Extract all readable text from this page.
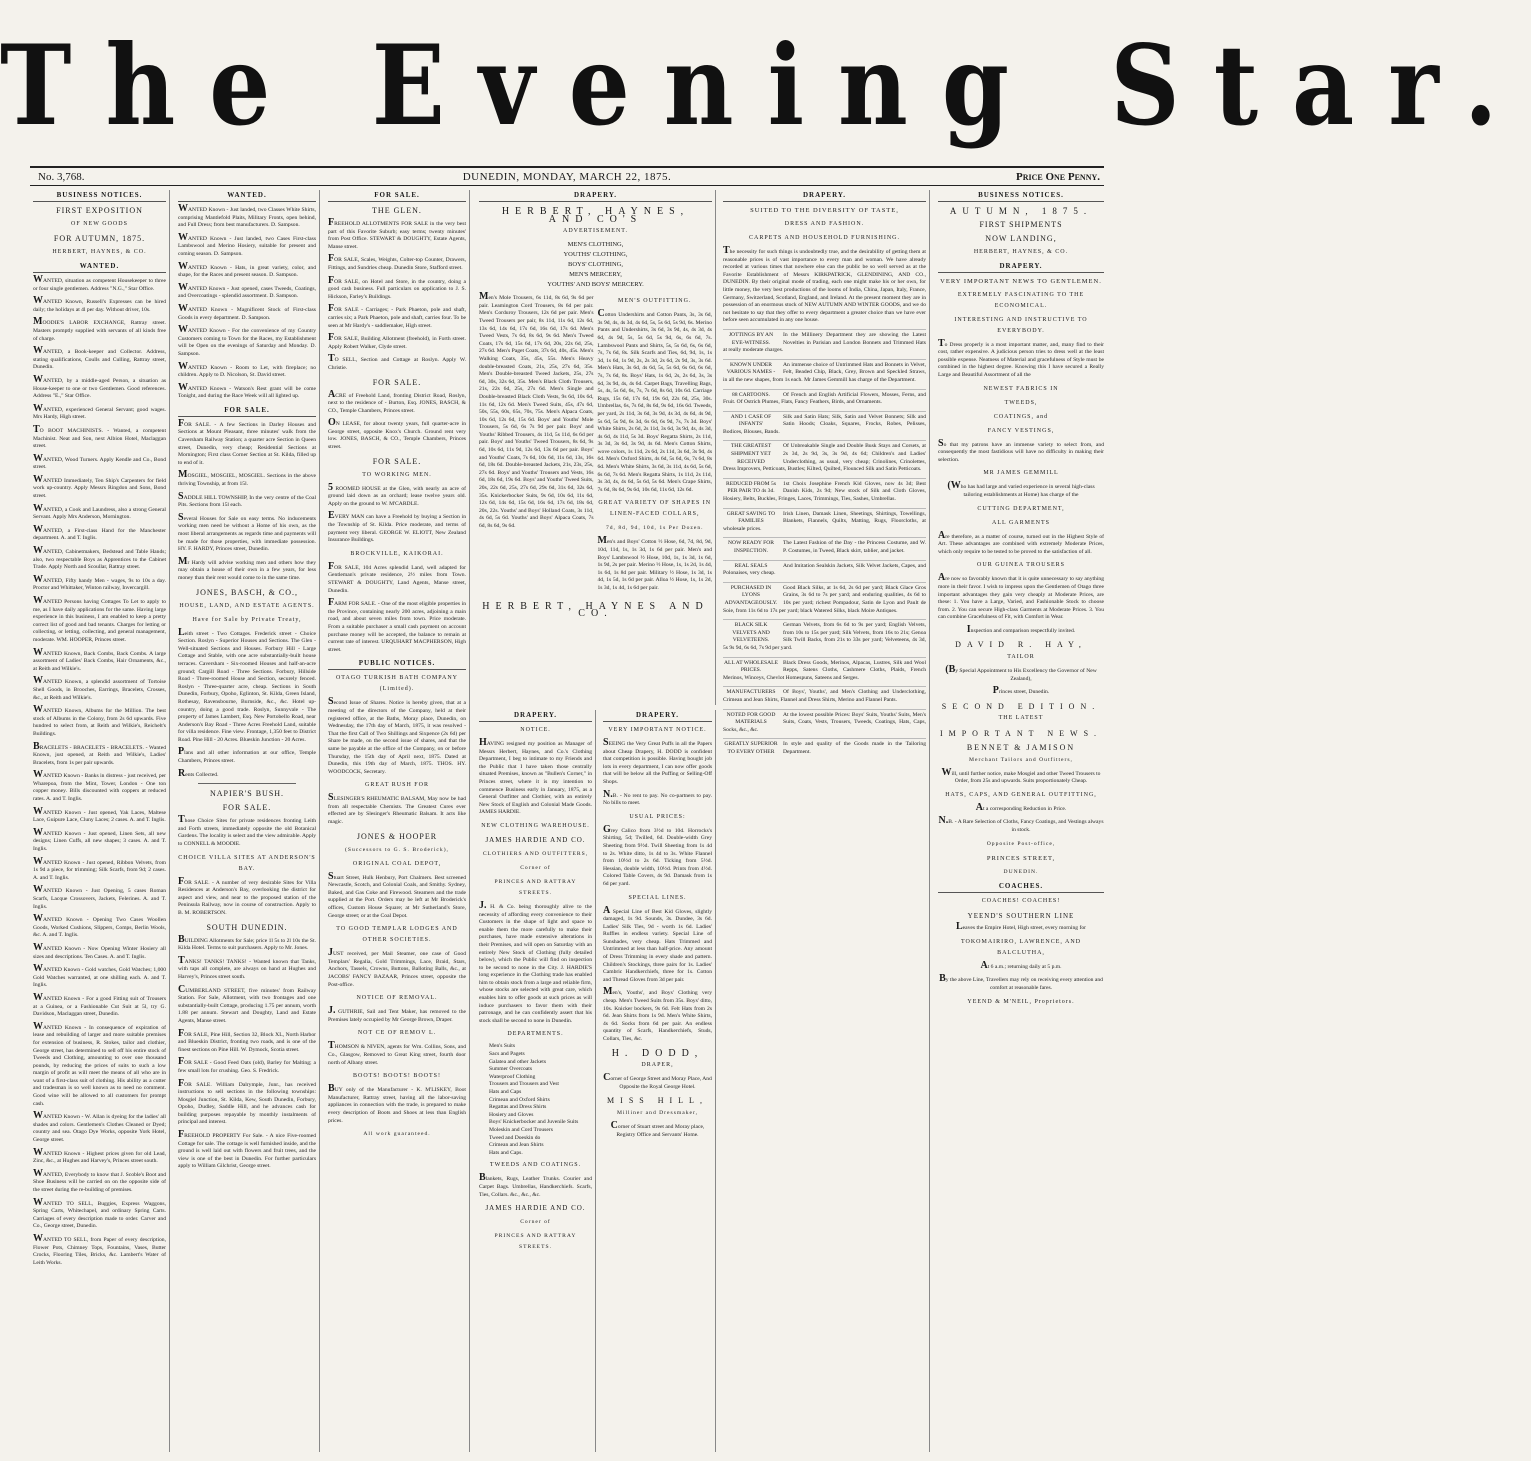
The Evening Star.
No. 3,768.	DUNEDIN, MONDAY, MARCH 22, 1875.	Price One Penny.
BUSINESS NOTICES.
FIRST EXPOSITION
OF NEW GOODS
FOR AUTUMN, 1875.
HERBERT, HAYNES, & CO.
WANTED.
WANTED, situation as competent Housekeeper to three or four single gentlemen. Address "N.G.," Star Office.
WANTED Known, Russell's Expresses can be hired daily; the holidays at 4l per day. Without driver, 10s.
MOODIE'S LABOR EXCHANGE, Rattray street. Masters promptly supplied with servants of all kinds free of charge.
WANTED, a Book-keeper and Collector. Address, stating qualifications, Coulls and Culling, Rattray street, Dunedin.
WANTED, by a middle-aged Person, a situation as House-keeper to one or two Gentlemen. Good references. Address "E.," Star Office.
WANTED, experienced General Servant; good wages. Mrs Hardy, High street.
TO BOOT MACHINISTS. - Wanted, a competent Machinist. Neat and Son, next Albion Hotel, Maclaggan street.
WANTED, Wood Turners. Apply Kendle and Co., Bond street.
WANTED Immediately, Ten Ship's Carpenters for field work up-country. Apply Messrs Ringdon and Sons, Bond street.
WANTED, a Cook and Laundress, also a strong General Servant. Apply Mrs Anderson, Mornington.
WANTED, a First-class Hand for the Manchester department. A. and T. Inglis.
WANTED, Cabinetmakers, Bedstead and Table Hands; also, two respectable Boys as Apprentices to the Cabinet Trade. Apply North and Scoullar, Rattray street.
WANTED, Fifty handy Men - wages, 9s to 10s a day. Proctor and Whittaker, Winton railway, Invercargill.
WANTED Persons having Cottages To Let to apply to me, as I have daily applications for the same. Having large experience in this business, I am enabled to keep a pretty correct list of good and bad tenants. Charges for letting or collecting, or letting, collecting, and general management, moderate. WM. HOOPER, Princes street.
WANTED Known, Back Combs, Back Combs. A large assortment of Ladies' Back Combs, Hair Ornaments, &c., at Reith and Wilkie's.
WANTED Known, a splendid assortment of Tortoise Shell Goods, in Brooches, Earrings, Bracelets, Crosses, &c., at Reith and Wilkie's.
WANTED Known, Albums for the Million. The best stock of Albums in the Colony, from 2s 6d upwards. Five hundred to select from, at Reith and Wilkie's, Reichelt's Buildings.
BRACELETS - BRACELETS - BRACELETS. - Wanted Known, just opened, at Reith and Wilkie's, Ladies' Bracelets, from 1s per pair upwards.
WANTED Known - Banks in distress - just received, per Wharepoa, from the Mint, Tower, London - One ton copper money. Bills discounted with coppers at reduced rates. A. and T. Inglis.
WANTED Known - Just opened, Yak Laces, Maltese Lace, Guipure Lace, Cluny Laces; 2 cases. A. and T. Inglis.
WANTED Known - Just opened, Linen Sets, all new designs; Linen Cuffs, all new shapes; 3 cases. A. and T. Inglis.
WANTED Known - Just opened, Ribbon Velvets, from 1s 9d a piece, for trimming; Silk Scarfs, from 9d; 2 cases. A. and T. Inglis.
WANTED Known - Just Opening, 5 cases Roman Scarfs, Lacque Crossovers, Jackets, Felerines. A. and T. Inglis.
WANTED Known - Opening Two Cases Woollen Goods, Worked Cushions, Slippers, Comps, Berlin Wools, &c. A. and T. Inglis.
WANTED Known - Now Opening Winter Hosiery all sizes and descriptions. Ten Cases. A. and T. Inglis.
WANTED Known - Gold watches, Gold Watches; 1,000 Gold Watches warranted, at one shilling each. A. and T. Inglis.
WANTED Known - For a good Fitting suit of Trousers at a Guinea, or a Fashionable Cut Suit at 5l, try G. Davidson, Maclaggan street, Dunedin.
WANTED Known - In consequence of expiration of lease and rebuilding of larger and more suitable premises for extension of business, R. Stokes, tailor and clothier, George street, has determined to sell off his entire stock of Tweeds and Clothing, amounting to over one thousand pounds, by reducing the prices of suits to such a low margin of profit as will meet the means of all who are in want of a first-class suit of clothing. His ability as a cutter and tradesman is so well known as to need no comment. Good wine will be allowed to all customers for prompt cash.
WANTED Known - W. Allan is dyeing for the ladies' all shades and colors. Gentlemen's Clothes Cleaned or Dyed; country and sea. Otago Dye Works, opposite York Hotel, George street.
WANTED Known - Highest prices given for old Lead, Zinc, &c., at Hughes and Harvey's, Princes street south.
WANTED, Everybody to know that J. Scoble's Boot and Shoe Business will be carried on on the opposite side of the street during the re-building of premises.
WANTED TO SELL, Buggies, Express Waggons, Spring Carts, Whitechapel, and ordinary Spring Carts. Carriages of every description made to order. Carver and Co., George street, Dunedin.
WANTED TO SELL, from Paper of every description, Flower Pots, Chimney Tops, Fountains, Vases, Butter Crocks, Flooring Tiles, Bricks, &c. Lambert's Water of Leith Works.
WANTED.
WANTED Known - Just landed, two Classes White Shirts, comprising Mantlefold Plaits, Military Fronts, open behind, and Full Dress; from best manufacturers. D. Sampson.
WANTED Known - Just landed, two Cases First-class Lambswool and Merino Hosiery, suitable for present and coming season. D. Sampson.
WANTED Known - Hats, in great variety, color, and shape, for the Races and present season. D. Sampson.
WANTED Known - Just opened, cases Tweeds, Coatings, and Overcoatings - splendid assortment. D. Sampson.
WANTED Known - Magnificent Stock of First-class Goods in every department. D. Sampson.
WANTED Known - For the convenience of my Country Customers coming to Town for the Races, my Establishment will be Open on the evenings of Saturday and Monday. D. Sampson.
WANTED Known - Room to Let, with fireplace; no children. Apply to D. Nicolson, St. David street.
WANTED Known - Watson's Rest grant will be come Tonight, and during the Race Week will all lighted up.
FOR SALE.
FOR SALE. - A few Sections in Darley Houses and Sections at Mount Pleasant, three minutes' walk from the Caversham Railway Station; a quarter acre Section in Queen street, Dunedin, very cheap; Residential Sections at Mornington; First class Corner Section at St. Kilda, filled up to end of it.
MOSGIEL, MOSGIEL, MOSGIEL. Sections in the above thriving Township, at from 15l.
SADDLE HILL TOWNSHIP, In the very centre of the Coal Pits. Sections from 15l each.
Several Houses for Sale on easy terms. No inducements working men need be without a Home of his own, as the most liberal arrangements as regards time and payments will be made for those properties, with immediate possession. HY. F. HARDY, Princes street, Dunedin.
Mr Hardy will advise working men and others how they may obtain a house of their own in a few years, for less money than their rent would come to in the same time.
JONES, BASCH, & CO.,
HOUSE, LAND, AND ESTATE AGENTS.
Have for Sale by Private Treaty,
Leith street - Two Cottages. Frederick street - Choice Section. Roslyn - Superior Houses and Sections. The Glen - Well-situated Sections and Houses. Forbury Hill - Large Cottage and Stable, with one acre substantially-built house terraces. Caversham - Six-roomed Houses and half-an-acre ground; Cargill Road - Three Sections. Forbury, Hillside Road - Three-roomed House and Section, securely fenced. Roslyn - Three-quarter acre, cheap. Sections in South Dunedin, Forbury, Opoho, Eglinton, St. Kilda, Green Island, Rothesay, Ravensbourne, Burnside, &c., &c. Hotel up-country, doing a good trade. Roslyn, Sunnyvale - The property of James Lambert, Esq. New Portobello Road, near Anderson's Bay Road - Three Acres Freehold Land, suitable for villa residence. Fine view. Frontage, 1,350 feet to District Road. Pine Hill - 20 Acres. Blueskin Junction - 20 Acres.
Plans and all other information at our office, Temple Chambers, Princes street.
Rents Collected.
NAPIER'S BUSH.
FOR SALE.
Those Choice Sites for private residences fronting Leith and Forth streets, immediately opposite the old Botanical Gardens. The locality is select and the view admirable. Apply to CONNELL & MOODIE.
CHOICE VILLA SITES AT ANDERSON'S BAY.
FOR SALE. - A number of very desirable Sites for Villa Residences at Anderson's Bay, overlooking the district for aspect and view, and near to the proposed station of the Peninsula Railway, now in course of construction. Apply to B. M. ROBERTSON.
SOUTH DUNEDIN.
BUILDING Allotments for Sale; price 1l 5s to 2l 10s the St. Kilda Hotel. Terms to suit purchasers. Apply to Mr. Jones.
TANKS! TANKS! TANKS! - Wanted known that Tanks, with taps all complete, are always on hand at Hughes and Harvey's, Princes street south.
CUMBERLAND STREET, five minutes' from Railway Station. For Sale, Allotment, with two frontages and one substantially-built Cottage, producing 1.75 per annum, worth 1.88 per annum. Stewart and Doughty, Land and Estate Agents, Manse street.
FOR SALE, Pine Hill, Section 32, Block XL, North Harbor and Blueskin District, fronting two roads, and is one of the finest sections on Pine Hill. W. Dymock, Scotia street.
FOR SALE - Good Feed Oats (old), Barley for Malting; a few small lots for crushing. Geo. S. Fredrick.
FOR SALE. William Dalrymple, Junr., has received instructions to sell sections in the following townships: Mosgiel Junction, St. Kilda, Kew, South Dunedin, Forbury, Opoho, Dudley, Saddle Hill, and he advances cash for building purposes repayable by monthly instalments of principal and interest.
FREEHOLD PROPERTY For Sale. - A nice Five-roomed Cottage for sale. The cottage is well furnished inside, and the ground is well laid out with flowers and fruit trees, and the view is one of the best in Dunedin. For further particulars apply to William Gilchrist, George street.
FOR SALE.
THE GLEN.
FREEHOLD ALLOTMENTS FOR SALE in the very best part of this Favorite Suburb; easy terms; twenty minutes' from Post Office. STEWART & DOUGHTY, Estate Agents, Manse street.
FOR SALE, Scales, Weights, Colter-top Counter, Drawers, Fittings, and Sundries cheap. Dunedin Store, Stafford street.
FOR SALE, on Hotel and Store, in the country, doing a good cash business. Full particulars on application to J. S. Hickson, Farley's Buildings.
FOR SALE - Carriages; - Park Phaeton, pole and shaft, carries six; a Park Phaeton, pole and shaft, carries four. To be seen at Mr Hardy's - saddlemaker, High street.
FOR SALE, Building Allotment (freehold), in Forth street. Apply Robert Walker, Clyde street.
TO SELL, Section and Cottage at Roslyn. Apply W. Christie.
FOR SALE.
ACRE of Freehold Land, fronting District Road, Roslyn, next to the residence of - Burton, Esq. JONES, BASCH, & CO., Temple Chambers, Princes street.
ON LEASE, for about twenty years, full quarter-acre in George street, opposite Knox's Church. Ground rent very low. JONES, BASCH, & CO., Temple Chambers, Princes street.
FOR SALE.
TO WORKING MEN.
5 ROOMED HOUSE at the Glen, with nearly an acre of ground laid down as an orchard; lease twelve years old. Apply on the ground to W. M'CARDLE.
EVERY MAN can have a Freehold by buying a Section in the Township of St. Kilda. Price moderate, and terms of payment very liberal. GEORGE W. ELIOTT, New Zealand Insurance Buildings.
BROCKVILLE, KAIKORAI.
FOR SALE, 104 Acres splendid Land, well adapted for Gentleman's private residence, 2½ miles from Town. STEWART & DOUGHTY, Land Agents, Manse street, Dunedin.
FARM FOR SALE. - One of the most eligible properties in the Province, containing nearly 200 acres, adjoining a main road, and about seven miles from town. Price moderate. From a suitable purchaser a small cash payment on account purchase money will be accepted, the balance to remain at current rate of interest. URQUHART MACPHERSON, High street.
PUBLIC NOTICES.
OTAGO TURKISH BATH COMPANY (Limited).
Second Issue of Shares. Notice is hereby given, that at a meeting of the directors of the Company, held at their registered office, at the Baths, Moray place, Dunedin, on Wednesday, the 17th day of March, 1875, it was resolved - That the first Call of Two Shillings and Sixpence (2s 6d) per Share be made, on the second issue of shares, and that the same be payable at the office of the Company, on or before Thursday, the 15th day of April next, 1875. Dated at Dunedin, this 19th day of March, 1875. THOS. HY. WOODCOCK, Secretary.
GREAT RUSH FOR
SLESINGER'S RHEUMATIC BALSAM, May now be had from all respectable Chemists. The Greatest Cures ever effected are by Slesinger's Rheumatic Balsam. It acts like magic.
JONES & HOOPER
(Successors to G. S. Broderick),
ORIGINAL COAL DEPOT,
Stuart Street, Hulk Henbury, Port Chalmers. Best screened Newcastle, Scotch, and Colonial Coals, and Smithy. Sydney, Baked, and Gas Coke and Firewood. Steamers and the trade supplied at the Port. Orders may be left at Mr Broderick's offices, Custom House Square; at Mr Sutherland's Store, George street; or at the Coal Depot.
TO GOOD TEMPLAR LODGES AND OTHER SOCIETIES.
JUST received, per Mail Steamer, one case of Good Templars' Regalia, Gold Trimmings, Lace, Braid, Stars, Anchors, Tassels, Crowns, Buttons, Balloting Balls, &c., at JACOBS' FANCY BAZAAR, Princes street, opposite the Post-office.
NOTICE OF REMOVAL.
J. GUTHRIE, Sail and Tent Maker, has removed to the Premises lately occupied by Mr George Brown, Draper.
NOT CE OF REMOV L.
THOMSON & NIVEN, agents for Wm. Collins, Sons, and Co., Glasgow, Removed to Great King street, fourth door north of Albany street.
BOOTS! BOOTS! BOOTS!
BUY only of the Manufacturer - K. M'LISKEY, Boot Manufacturer, Rattray street, having all the labor-saving appliances in connection with the trade, is prepared to make every description of Boots and Shoes at less than English prices.
All work guaranteed.
DRAPERY.
HERBERT, HAYNES, AND CO'S
ADVERTISEMENT.
MEN'S CLOTHING,
YOUTHS' CLOTHING,
BOYS' CLOTHING,
MEN'S MERCERY,
YOUTHS' AND BOYS' MERCERY.
Men's Mole Trousers, 6s 11d, 8s 6d, 9s 6d per pair. Leamington Cord Trousers, 8s 6d per pair. Men's Corduroy Trousers, 12s 6d per pair. Men's Tweed Trousers per pair, 8s 11d, 11s 6d, 12s 6d, 13s 6d, 14s 6d, 17s 6d, 16s 6d, 17s 6d. Men's Tweed Vests, 7s 6d, 8s 6d, 9s 6d. Men's Tweed Coats, 17s 6d, 15s 6d, 17s 6d, 20s, 22s 6d, 25s, 27s 6d. Men's Paget Coats, 37s 6d, 40s, 45s. Men's Walking Coats, 35s, 45s, 55s. Men's Heavy double-breasted Coats, 21s, 25s, 27s 6d, 35s. Men's Double-breasted Tweed Jackets, 25s, 27s 6d, 30s, 32s 6d, 35s. Men's Black Cloth Trousers, 21s, 22s 6d, 25s, 27s 6d. Men's Single and Double-breasted Black Cloth Vests, 9s 6d, 10s 6d, 11s 6d, 12s 6d. Men's Tweed Suits, 45s, 47s 6d, 50s, 55s, 60s, 65s, 70s, 75s. Men's Alpaca Coats, 10s 6d, 12s 6d, 15s 6d. Boys' and Youths' Mole Trousers, 5s 6d, 6s 7s 9d per pair. Boys' and Youths' Ribbed Trousers, 4s 11d, 5s 11d, 6s 6d per pair. Boys' and Youths' Tweed Trousers, 8s 6d, 9s 6d, 10s 6d, 11s 9d, 12s 6d, 13s 6d per pair. Boys' and Youths' Coats, 7s 6d, 10s 6d, 11s 6d, 13s, 16s 6d, 18s 6d. Double-breasted Jackets, 21s, 23s, 25s, 27s 6d. Boys' and Youths' Trousers and Vests, 16s 6d, 18s 6d, 19s 6d. Boys' and Youths' Tweed Suits, 20s, 22s 6d, 25s, 27s 6d, 29s 6d, 31s 6d, 32s 6d, 35s. Knickerbocker Suits, 9s 6d, 10s 6d, 11s 6d, 12s 6d, 14s 6d, 15s 6d, 16s 6d, 17s 6d, 18s 6d, 20s, 22s. Youths' and Boys' Holland Coats, 3s 11d, 4s 6d, 5s 6d. Youths' and Boys' Alpaca Coats, 7s 6d, 8s 6d, 9s 6d.
MEN'S OUTFITTING.
Cotton Undershirts and Cotton Pants, 3s, 3s 6d, 3s 9d, 4s, 4s 3d, 4s 6d, 5s, 5s 6d, 5s 9d, 6s. Merino Pants and Undershirts, 3s 6d, 3s 9d, 4s, 4s 3d, 4s 6d, 4s 9d, 5s, 5s 6d, 5s 9d, 6s, 6s 6d, 7s. Lambswool Pants and Shirts, 5s, 5s 6d, 6s, 6s 6d, 7s, 7s 6d, 8s. Silk Scarfs and Ties, 6d, 9d, 1s, 1s 3d, 1s 6d, 1s 9d, 2s, 2s 3d, 2s 6d, 2s 9d, 3s, 3s 6d. Men's Hats, 3s 6d, 4s 6d, 5s, 5s 6d, 6s 6d, 6s 6d, 7s, 7s 6d, 8s. Boys' Hats, 1s 6d, 2s, 2s 6d, 3s, 3s 6d, 3s 9d, 4s, 4s 6d. Carpet Bags, Travelling Bags, 5s, 4s, 5s 6d, 6s, 7s, 7s 6d, 8s 6d, 10s 6d. Carriage Rugs, 15s 6d, 17s 6d, 19s 6d, 22s 6d, 25s, 30s. Umbrellas, 6s, 7s 6d, 8s 6d, 9s 6d, 16s 6d. Tweeds, per yard, 2s 11d, 3s 6d, 3s 9d, 4s 3d, 4s 6d, 4s 9d, 5s 6d, 5s 9d, 6s 3d, 6s 6d, 6s 9d, 7s, 7s 3d. Boys' White Shirts, 2s 6d, 2s 11d, 3s 6d, 3s 9d, 4s, 4s 3d, 4s 6d, 4s 11d, 5s 3d. Boys' Regatta Shirts, 2s 11d, 3s 3d, 3s 6d, 3s 9d, 4s 6d. Men's Cotton Shirts, wove colors, 1s 11d, 2s 6d, 2s 11d, 3s 6d, 3s 9d, 4s 6d. Men's Oxford Shirts, 4s 6d, 5s 6d, 6s, 7s 6d, 8s 6d. Men's White Shirts, 3s 6d, 3s 11d, 4s 6d, 5s 6d, 6s 6d, 7s 6d. Men's Regatta Shirts, 1s 11d, 2s 11d, 3s 3d, 4s, 4s 6d, 5s 6d, 5s 6d. Men's Crape Shirts, 7s 6d, 8s 6d, 9s 6d, 10s 6d, 11s 6d, 12s 6d.
GREAT VARIETY OF SHAPES IN LINEN-FACED COLLARS,
7d, 8d, 9d, 10d, 1s Per Dozen.
Men's and Boys' Cotton ½ Hose, 6d, 7d, 8d, 9d, 10d, 11d, 1s, 1s 3d, 1s 6d per pair. Men's and Boys' Lambswool ½ Hose, 10d, 1s, 1s 3d, 1s 6d, 1s 9d, 2s per pair. Merino ½ Hose, 1s, 1s 2d, 1s 4d, 1s 6d, 1s 8d per pair. Military ½ Hose, 1s 3d, 1s 4d, 1s 5d, 1s 6d per pair. Alloa ½ Hose, 1s, 1s 2d, 1s 3d, 1s 4d, 1s 6d per pair.
HERBERT, HAYNES AND CO.
DRAPERY.
NOTICE.
HAVING resigned my position as Manager of Messrs Herbert, Haynes, and Co.'s Clothing Department, I beg to intimate to my Friends and the Public that I have taken those centrally situated Premises, known as "Bullen's Corner," in Princes street, where it is my intention to commence Business early in January, 1875, as a General Outfitter and Clothier, with an entirely New Stock of English and Colonial Made Goods. JAMES HARDIE.
NEW CLOTHING WAREHOUSE.
JAMES HARDIE AND CO.
CLOTHIERS AND OUTFITTERS,
Corner of
PRINCES AND RATTRAY STREETS.
J. H. & Co. being thoroughly alive to the necessity of affording every convenience to their Customers in the shape of light and space to enable them the more carefully to make their purchases, have made extensive alterations in their Premises, and will open on Saturday with an entirely New Stock of Clothing (fully detailed below), which the Public will find on inspection to be second to none in the City. J. HARDIE'S long experience in the Clothing trade has enabled him to obtain stock from a large and reliable firm, whose stocks are selected with great care, which enables him to offer goods at such prices as will induce purchasers to favor them with their patronage, and he can confidently assert that his stock shall be second to none in Dunedin.
DEPARTMENTS.
Men's Suits
Sacs and Pagets
Galatea and other Jackets
Summer Overcoats
Waterproof Clothing
Trousers and Trousers and Vest
Hats and Caps
Crimean and Oxford Shirts
Regattas and Dress Shirts
Hosiery and Gloves
Boys' Knickerbocker and Juvenile Suits
Moleskin and Cord Trousers
Tweed and Doeskin do
Crimean and Jean Shirts
Hats and Caps.
TWEEDS AND COATINGS.
Blankets, Rugs, Leather Trunks. Courier and Carpet Bags. Umbrellas, Handkerchiefs. Scarfs, Ties, Collars. &c., &c., &c.
JAMES HARDIE AND CO.
Corner of
PRINCES AND RATTRAY STREETS.
DRAPERY.
VERY IMPORTANT NOTICE.
SEEING the Very Great Puffs in all the Papers about Cheap Drapery, H. DODD is confident that competition is possible. Having bought job lots in every department, I can now offer goods that will be below all the Puffing or Selling-Off Shops.
N.B. - No rent to pay. No co-partners to pay. No bills to meet.
USUAL PRICES:
Grey Calico from 3½d to 10d. Horrocks's Shirting, 5d; Twilled, 6d. Double-width Grey Sheeting from 9½d. Twill Sheeting from 1s 4d to 2s. White ditto, 1s 4d to 3s. White Flannel from 10½d to 2s 6d. Ticking from 5½d. Hessian, double width, 10½d. Prints from 4½d. Colored Table Covers, 4s 9d. Damask from 1s 6d per yard.
SPECIAL LINES.
A Special Line of Best Kid Gloves, slightly damaged, 1s 9d. Sounds, 3s. Dundee, 3s 6d. Ladies' Silk Ties, 9d - worth 1s 6d. Ladies' Ruffles in endless variety. Special Line of Sunshades, very cheap. Hats Trimmed and Untrimmed at less than half-price. Any amount of Dress Trimming in every shade and pattern. Children's Stockings, three pairs for 1s. Ladies' Cambric Handkerchiefs, three for 1s. Cotton and Thread Gloves from 3d per pair.
Men's, Youths', and Boys' Clothing very cheap. Men's Tweed Suits from 35s. Boys' ditto, 10s. Knicker bockers, 9s 6d. Felt Hats from 2s 6d. Jean Shirts from 1s 9d. Men's White Shirts, 4s 6d. Socks from 6d per pair. An endless quantity of Scarfs, Handkerchiefs, Studs, Collars, Ties, &c.
H. DODD,
DRAPER,
Corner of George Street and Moray Place, And Opposite the Royal George Hotel.
MISS HILL,
Milliner and Dressmaker,
Corner of Stuart street and Moray place, Registry Office and Servants' Home.
DRAPERY.
SUITED TO THE DIVERSITY OF TASTE,
DRESS AND FASHION.
CARPETS AND HOUSEHOLD FURNISHING.
The necessity for such things is undoubtedly true, and the desirability of getting them at reasonable prices is of vast importance to every man and woman. We have already recorded at various times that nowhere else can the public be so well served as at the Favorite Establishment of Messrs KIRKPATRICK, GLENDINING, AND CO., DUNEDIN. By their original mode of trading, each one might make his or her own, for little money, the very best productions of the looms of India, China, Japan, Italy, France, Germany, Switzerland, Scotland, England, and Ireland. At the present moment they are in possession of an enormous stock of NEW AUTUMN AND WINTER GOODS, and we do not hesitate to say that they offer to every department a greater choice than we have ever before seen accumulated in any one house.
JOTTINGS BY AN EYE-WITNESS.
In the Millinery Department they are showing the Latest Novelties in Parisian and London Bonnets and Trimmed Hats at really moderate charges.
KNOWN UNDER VARIOUS NAMES -
An immense choice of Untrimmed Hats and Bonnets in Velvet, Felt, Beaded Chip, Black, Grey, Brown and Speckled Straws, in all the new shapes, from 1s each. Mr James Gemmill has charge of the Department.
88 CARTOONS.	Of French and English Artificial Flowers, Mosses, Ferns, and Fruit. Of Ostrich Plumes, Flats, Fancy Feathers, Birds, and Ornaments.
AND 1 CASE OF INFANTS'
Silk and Satin Hats; Silk, Satin and Velvet Bonnets; Silk and Satin Hoods; Cloaks, Squares, Frocks, Robes, Pelisses, Bodices, Blouses, Bands.
THE GREATEST SHIPMENT YET RECEIVED
Of Unbreakable Single and Double Busk Stays and Corsets, at 2s 3d, 2s 9d, 3s, 3s 9d, 4s 6d; Children's and Ladies' Underclothing, as usual, very cheap; Crinolines, Crinolettes, Dress Improvers, Petticoats, Bustles; Kilted, Quilted, Flounced Silk and Satin Petticoats.
REDUCED FROM 5s PER PAIR TO 4s 3d.
1st Choix Josephine French Kid Gloves, now 4s 3d; Best Danish Kids, 2s 9d; New stock of Silk and Cloth Gloves, Hosiery, Belts, Buckles, Fringes, Laces, Trimmings, Ties, Sashes, Umbrellas.
GREAT SAVING TO FAMILIES
Irish Linen, Damask Linen, Sheetings, Shirtings, Towellings, Blankets, Flannels, Quilts, Matting, Rugs, Floorcloths, at wholesale prices.
NOW READY FOR INSPECTION.
The Latest Fashion of the Day - the Princess Costume, and W. P. Costumes, in Tweed, Black skirt, tablier, and jacket.
REAL SEALS	And Imitation Sealskin Jackets, Silk Velvet Jackets, Capes, and Polonaises, very cheap.
PURCHASED IN LYONS ADVANTAGEOUSLY.
Good Black Silks, at 1s 6d, 2s 6d per yard; Black Glace Gros Grains, 3s 6d to 7s per yard; and enduring qualities, 4s 6d to 10s per yard; richest Pompadour, Satin de Lyon and Pault de Soie, from 11s 6d to 17s per yard; black Watered Silks, black Moire Antiques.
BLACK SILK VELVETS AND VELVETEENS.
German Velvets, from 6s 6d to 9s per yard; English Velvets, from 10s to 15s per yard; Silk Velvets, from 16s to 21s; Genoa Silk Twill Backs, from 21s to 33s per yard; Velveteens, 4s 3d, 5s 9s 9d, 6s 6d, 7s 9d per yard.
ALL AT WHOLESALE PRICES.
Black Dress Goods, Merinos, Alpacas, Lustres, Silk and Wool Repps, Satens Cloths, Cashmere Cloths, Plaids, French Merinos, Winceys, Chevlot Homespuns, Sateens and Serges.
MANUFACTURERS	Of Boys', Youths', and Men's Clothing and Underclothing, Crimean and Jean Shirts, Flannel and Dress Shirts, Merino and Flannel Pants.
NOTED FOR GOOD MATERIALS
At the lowest possible Prices: Boys' Suits, Youths' Suits, Men's Suits, Coats, Vests, Trousers, Tweeds, Coatings, Hats, Caps, Socks, &c., &c.
GREATLY SUPERIOR TO EVERY OTHER
In style and quality of the Goods made in the Tailoring Department.
BUSINESS NOTICES.
AUTUMN, 1875.
FIRST SHIPMENTS
NOW LANDING,
HERBERT, HAYNES, & CO.
DRAPERY.
VERY IMPORTANT NEWS TO GENTLEMEN.
EXTREMELY FASCINATING TO THE ECONOMICAL.
INTERESTING AND INSTRUCTIVE TO EVERYBODY.
To Dress properly is a most important matter, and, many find to their cost, rather expensive. A judicious person tries to dress well at the least possible expense. Neatness of Material and gracefulness of Style must be combined in the highest degree. Knowing this I have secured a Really Large and Beautiful Assortment of all the
NEWEST FABRICS IN
TWEEDS,
COATINGS, and
FANCY VESTINGS,
So that my patrons have an immense variety to select from, and consequently the most fastidious will have no difficulty in making their selection.
MR JAMES GEMMILL
(Who has had large and varied experience in several high-class tailoring establishments at Home) has charge of the
CUTTING DEPARTMENT,
ALL GARMENTS
Are therefore, as a matter of course, turned out in the Highest Style of Art. These advantages are combined with extremely Moderate Prices, which only require to be tested to be proved to the satisfaction of all.
OUR GUINEA TROUSERS
Are now so favorably known that it is quite unnecessary to say anything more in their favor. I wish to impress upon the Gentlemen of Otago three important advantages they gain very cheaply at Moderate Prices, are these: 1. You have a Large, Varied, and Fashionable Stock to choose from. 2. You can secure High-class Garments at Moderate Prices. 3. You can combine Gracefulness of Fit, with Comfort in Wear.
Inspection and comparison respectfully invited.
DAVID R. HAY,
TAILOR
(By Special Appointment to His Excellency the Governor of New Zealand),
Princes street, Dunedin.
SECOND EDITION.
THE LATEST
IMPORTANT NEWS.
BENNET & JAMISON
Merchant Tailors and Outfitters,
Will, until further notice, make Mosgiel and other Tweed Trousers to Order, from 25s and upwards. Suits proportionately Cheap.
HATS, CAPS, AND GENERAL OUTFITTING,
At a corresponding Reduction in Price.
N.B. - A Rare Selection of Cloths, Fancy Coatings, and Vestings always in stock.
Opposite Post-office,
PRINCES STREET,
DUNEDIN.
COACHES.
COACHES! COACHES!
YEEND'S SOUTHERN LINE
Leaves the Empire Hotel, High street, every morning for
TOKOMAIRIRO, LAWRENCE, AND BALCLUTHA,
At 6 a.m.; returning daily at 5 p.m.
By the above Line, Travellers may rely on receiving every attention and comfort at reasonable fares.
YEEND & M'NEIL, Proprietors.
